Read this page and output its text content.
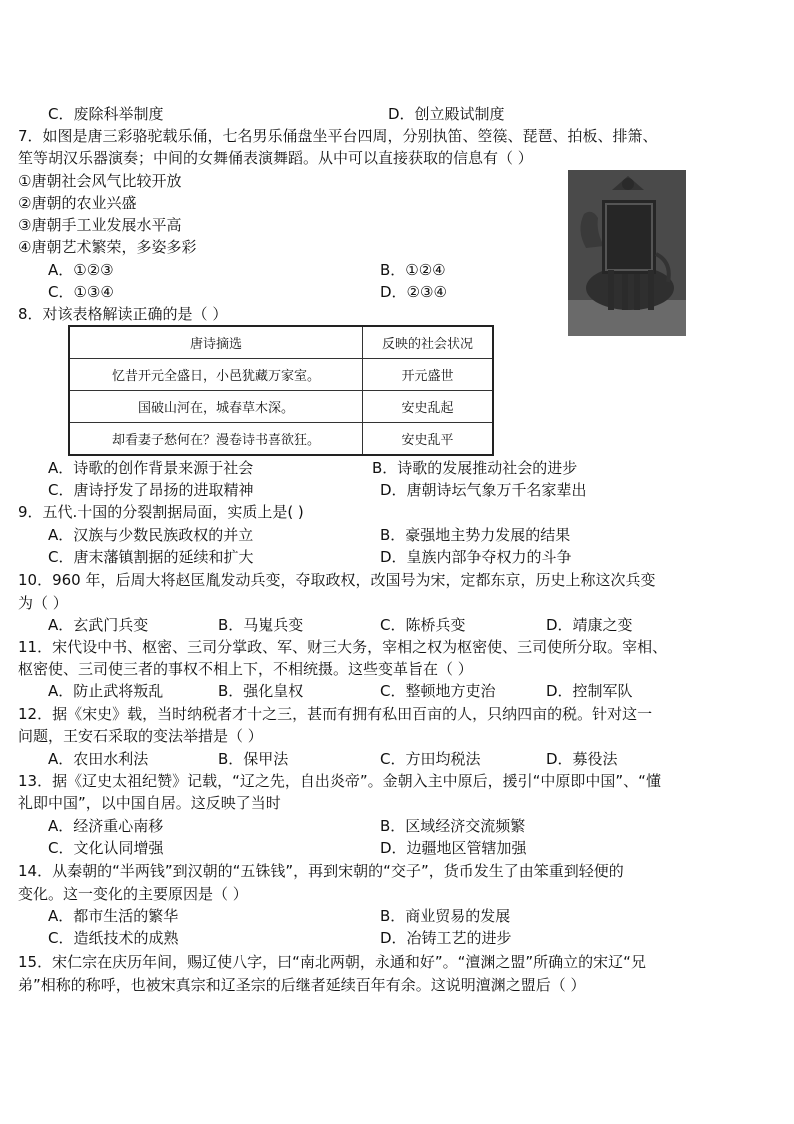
C．废除科举制度	D．创立殿试制度
7．如图是唐三彩骆驼载乐俑，七名男乐俑盘坐平台四周，分别执笛、箜篌、琵琶、拍板、排箫、
笙等胡汉乐器演奏；中间的女舞俑表演舞蹈。从中可以直接获取的信息有（ ）
①唐朝社会风气比较开放
②唐朝的农业兴盛
③唐朝手工业发展水平高
④唐朝艺术繁荣，多姿多彩
A．①②③	B．①②④
C．①③④	D．②③④
8．对该表格解读正确的是（ ）
唐诗摘选	反映的社会状况
忆昔开元全盛日，小邑犹藏万家室。	开元盛世
国破山河在，城春草木深。	安史乱起
却看妻子愁何在？漫卷诗书喜欲狂。	安史乱平
A．诗歌的创作背景来源于社会	B．诗歌的发展推动社会的进步
C．唐诗抒发了昂扬的进取精神	D．唐朝诗坛气象万千名家辈出
9．五代.十国的分裂割据局面，实质上是( )
A．汉族与少数民族政权的并立	B．豪强地主势力发展的结果
C．唐末藩镇割据的延续和扩大	D．皇族内部争夺权力的斗争
10．960 年，后周大将赵匡胤发动兵变，夺取政权，改国号为宋，定都东京，历史上称这次兵变
为（ ）
A．玄武门兵变	B．马嵬兵变	C．陈桥兵变	D．靖康之变
11．宋代设中书、枢密、三司分掌政、军、财三大务，宰相之权为枢密使、三司使所分取。宰相、
枢密使、三司使三者的事权不相上下，不相统摄。这些变革旨在（ ）
A．防止武将叛乱	B．强化皇权	C．整顿地方吏治	D．控制军队
12．据《宋史》载，当时纳税者才十之三，甚而有拥有私田百亩的人，只纳四亩的税。针对这一
问题，王安石采取的变法举措是（ ）
A．农田水利法	B．保甲法	C．方田均税法	D．募役法
13．据《辽史太祖纪赞》记载，“辽之先，自出炎帝”。金朝入主中原后，援引“中原即中国”、“懂
礼即中国”，以中国自居。这反映了当时
A．经济重心南移	B．区域经济交流频繁
C．文化认同增强	D．边疆地区管辖加强
14．从秦朝的“半两钱”到汉朝的“五铢钱”，再到宋朝的“交子”，货币发生了由笨重到轻便的
变化。这一变化的主要原因是（ ）
A．都市生活的繁华	B．商业贸易的发展
C．造纸技术的成熟	D．冶铸工艺的进步
15．宋仁宗在庆历年间，赐辽使八字，曰“南北两朝，永通和好”。“澶渊之盟”所确立的宋辽“兄
弟”相称的称呼，也被宋真宗和辽圣宗的后继者延续百年有余。这说明澶渊之盟后（ ）
